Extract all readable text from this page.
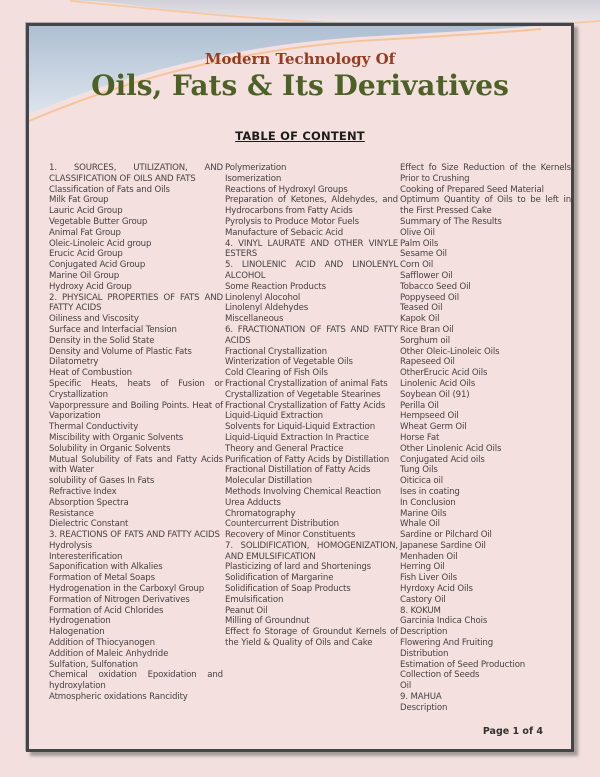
Modern Technology Of

Oils, Fats & Its Derivatives

TABLE OF CONTENT

1. SOURCES, UTILIZATION, AND CLASSIFICATION OF OILS AND FATS

Classification of Fats and Oils

Milk Fat Group

Lauric Acid Group

Vegetable Butter Group

Animal Fat Group

Oleic-Linoleic Acid group

Erucic Acid Group

Conjugated Acid Group

Marine Oil Group

Hydroxy Acid Group

2. PHYSICAL PROPERTIES OF FATS AND FATTY ACIDS

Oiliness and Viscosity

Surface and Interfacial Tension

Density in the Solid State

Density and Volume of Plastic Fats

Dilatometry

Heat of Combustion

Specific Heats, heats of Fusion or Crystallization

Vaporpressure and Boiling Points. Heat of Vaporization

Thermal Conductivity

Miscibility with Organic Solvents

Solubility in Organic Solvents

Mutual Solubility of Fats and Fatty Acids with Water

solubility of Gases In Fats

Refractive Index

Absorption Spectra

Resistance

Dielectric Constant

3. REACTIONS OF FATS AND FATTY ACIDS

Hydrolysis

Interesterification

Saponification with Alkalies

Formation of Metal Soaps

Hydrogenation in the Carboxyl Group

Formation of Nitrogen Derivatives

Formation of Acid Chlorides

Hydrogenation

Halogenation

Addition of Thiocyanogen

Addition of Maleic Anhydride

Sulfation, Sulfonation

Chemical oxidation Epoxidation and hydroxylation

Atmospheric oxidations Rancidity

Polymerization

Isomerization

Reactions of Hydroxyl Groups

Preparation of Ketones, Aldehydes, and Hydrocarbons from Fatty Acids

Pyrolysis to Produce Motor Fuels

Manufacture of Sebacic Acid

4. VINYL LAURATE AND OTHER VINYLE ESTERS

5. LINOLENIC ACID AND LINOLENYL ALCOHOL

Some Reaction Products

Linolenyl Alocohol

Linolenyl Aldehydes

Miscellaneous

6. FRACTIONATION OF FATS AND FATTY ACIDS

Fractional Crystallization

Winterization of Vegetable Oils

Cold Clearing of Fish Oils

Fractional Crystallization of animal Fats

Crystallization of Vegetable Stearines

Fractional Crystallization of Fatty Acids

Liquid-Liquid Extraction

Solvents for Liquid-Liquid Extraction

Liquid-Liquid Extraction In Practice

Theory and General Practice

Purification of Fatty Acids by Distillation

Fractional Distillation of Fatty Acids

Molecular Distillation

Methods Involving Chemical Reaction

Urea Adducts

Chromatography

Countercurrent Distribution

Recovery of Minor Constituents

7. SOLIDIFICATION, HOMOGENIZATION, AND EMULSIFICATION

Plasticizing of lard and Shortenings

Solidification of Margarine

Solidification of Soap Products

Emulsification

Peanut Oil

Milling of Groundnut

Effect fo Storage of Groundut Kernels of the Yield & Quality of Oils and Cake

Effect fo Size Reduction of the Kernels Prior to Crushing

Cooking of Prepared Seed Material

Optimum Quantity of Oils to be left in the First Pressed Cake

Summary of The Results

Olive Oil

Palm Oils

Sesame Oil

Corn Oil

Safflower Oil

Tobacco Seed Oil

Poppyseed Oil

Teased Oil

Kapok Oil

Rice Bran Oil

Sorghum oil

Other Oleic-Linoleic Oils

Rapeseed Oil

OtherErucic Acid Oils

Linolenic Acid Oils

Soybean Oil (91)

Perilla Oil

Hempseed Oil

Wheat Germ Oil

Horse Fat

Other Linolenic Acid Oils

Conjugated Acid oils

Tung Oils

Oiticica oil

Ises in coating

In Conclusion

Marine Oils

Whale Oil

Sardine or Pilchard Oil

Japanese Sardine Oil

Menhaden Oil

Herring Oil

Fish Liver Oils

Hyrdoxy Acid Oils

Castory Oil

8. KOKUM

Garcinia Indica Chois

Description

Flowering And Fruiting

Distribution

Estimation of Seed Production

Collection of Seeds

Oil

9. MAHUA

Description

Page 1 of 4
